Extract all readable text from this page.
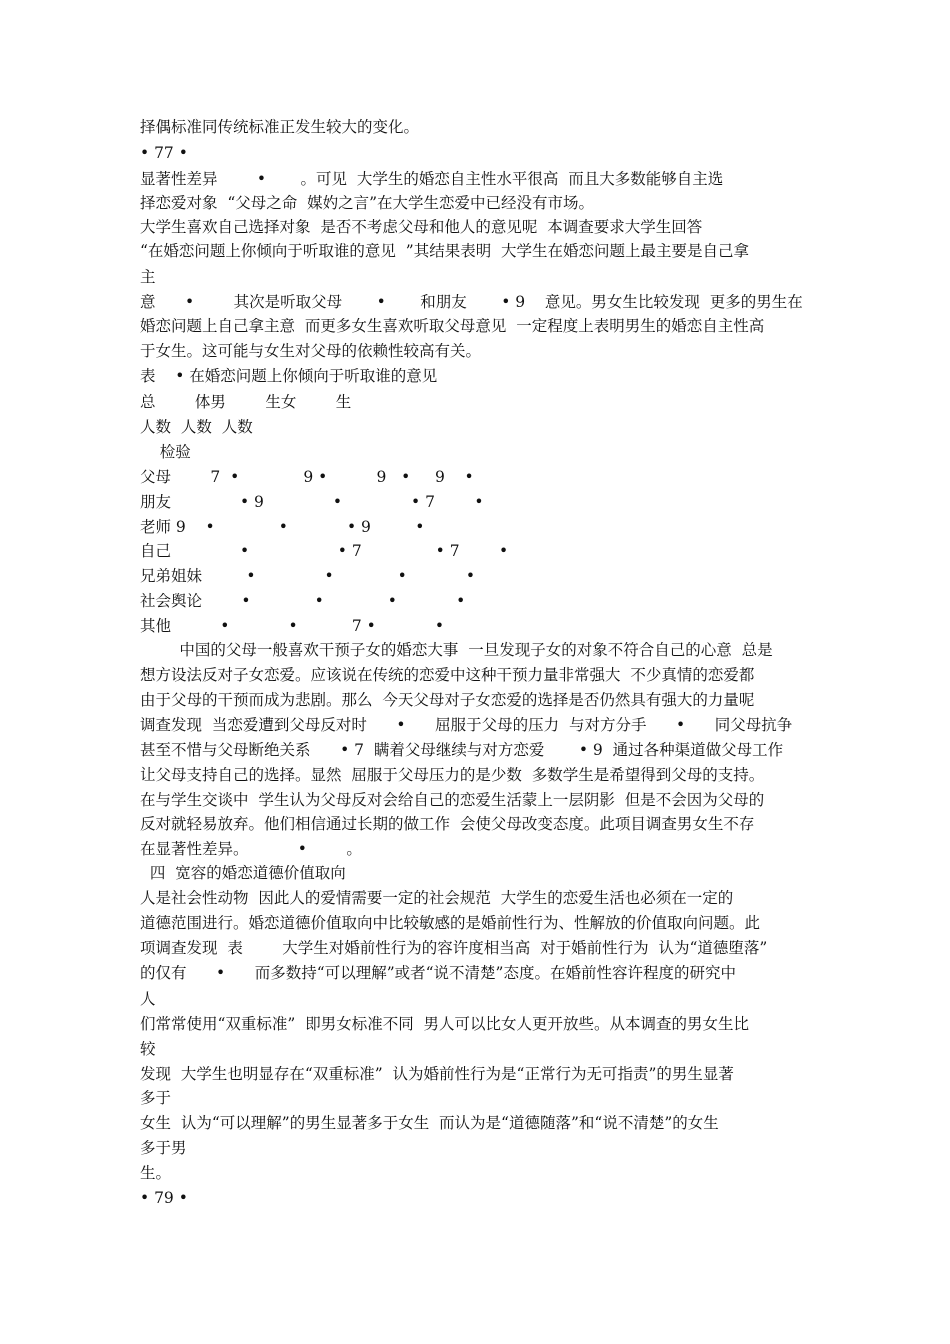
择偶标准同传统标准正发生较大的变化。
• 77 •
显著性差异        •       。可见  大学生的婚恋自主性水平很高  而且大多数能够自主选
择恋爱对象  “父母之命  媒妁之言”在大学生恋爱中已经没有市场。
大学生喜欢自己选择对象  是否不考虑父母和他人的意见呢  本调查要求大学生回答
“在婚恋问题上你倾向于听取谁的意见  ”其结果表明  大学生在婚恋问题上最主要是自己拿
主
意      •        其次是听取父母       •       和朋友       • 9    意见。男女生比较发现  更多的男生在
婚恋问题上自己拿主意  而更多女生喜欢听取父母意见  一定程度上表明男生的婚恋自主性高
于女生。这可能与女生对父母的依赖性较高有关。
表    • 在婚恋问题上你倾向于听取谁的意见
总        体男        生女        生
人数  人数  人数
检验
父母        7  •             9 •          9   •     9    •
朋友              • 9              •              • 7        •
老师 9    •             •            • 9         •
自己              •                  • 7               • 7        •
兄弟姐妹         •              •             •            •
社会舆论        •             •             •            •
其他          •            •           7 •            •
中国的父母一般喜欢干预子女的婚恋大事  一旦发现子女的对象不符合自己的心意  总是
想方设法反对子女恋爱。应该说在传统的恋爱中这种干预力量非常强大  不少真情的恋爱都
由于父母的干预而成为悲剧。那么  今天父母对子女恋爱的选择是否仍然具有强大的力量呢
调查发现  当恋爱遭到父母反对时      •      屈服于父母的压力  与对方分手      •      同父母抗争
甚至不惜与父母断绝关系      • 7  瞒着父母继续与对方恋爱       • 9  通过各种渠道做父母工作
让父母支持自己的选择。显然  屈服于父母压力的是少数  多数学生是希望得到父母的支持。
在与学生交谈中  学生认为父母反对会给自己的恋爱生活蒙上一层阴影  但是不会因为父母的
反对就轻易放弃。他们相信通过长期的做工作  会使父母改变态度。此项目调查男女生不存
在显著性差异。          •        。
四  宽容的婚恋道德价值取向
人是社会性动物  因此人的爱情需要一定的社会规范  大学生的恋爱生活也必须在一定的
道德范围进行。婚恋道德价值取向中比较敏感的是婚前性行为、性解放的价值取向问题。此
项调查发现  表        大学生对婚前性行为的容许度相当高  对于婚前性行为  认为“道德堕落”
的仅有      •      而多数持“可以理解”或者“说不清楚”态度。在婚前性容许程度的研究中
人
们常常使用“双重标准”  即男女标准不同  男人可以比女人更开放些。从本调查的男女生比
较
发现  大学生也明显存在“双重标准”  认为婚前性行为是“正常行为无可指责”的男生显著
多于
女生  认为“可以理解”的男生显著多于女生  而认为是“道德随落”和“说不清楚”的女生
多于男
生。
• 79 •
